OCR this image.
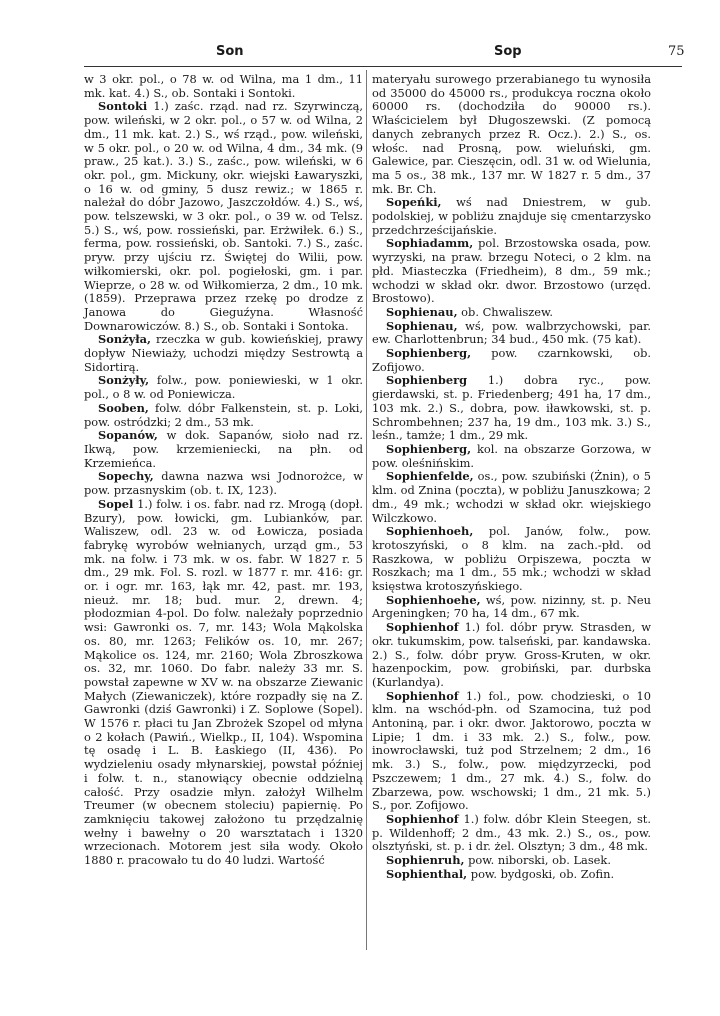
Son	Sop	75

w 3 okr. pol., o 78 w. od Wilna, ma 1 dm., 11 mk. kat. 4.) S., ob. Sontaki i Sontoki.

Sontoki 1.) zaśc. rząd. nad rz. Szyrwinczą, pow. wileński, w 2 okr. pol., o 57 w. od Wilna, 2 dm., 11 mk. kat. 2.) S., wś rząd., pow. wileński, w 5 okr. pol., o 20 w. od Wilna, 4 dm., 34 mk. (9 praw., 25 kat.). 3.) S., zaśc., pow. wileński, w 6 okr. pol., gm. Mickuny, okr. wiejski Ławaryszki, o 16 w. od gminy, 5 dusz rewiz.; w 1865 r. należał do dóbr Jazowo, Jaszczołdów. 4.) S., wś, pow. telszewski, w 3 okr. pol., o 39 w. od Telsz. 5.) S., wś, pow. rossieński, par. Erżwiłek. 6.) S., ferma, pow. rossieński, ob. Santoki. 7.) S., zaśc. pryw. przy ujściu rz. Świętej do Wilii, pow. wiłkomierski, okr. pol. pogiełoski, gm. i par. Wieprze, o 28 w. od Wiłkomierza, 2 dm., 10 mk. (1859). Przeprawa przez rzekę po drodze z Janowa do Gieguźyna. Własność Downarowiczów. 8.) S., ob. Sontaki i Sontoka.

Sonżyła, rzeczka w gub. kowieńskiej, prawy dopływ Niewiaży, uchodzi między Sestrowtą a Sidortirą.

Sonżyły, folw., pow. poniewieski, w 1 okr. pol., o 8 w. od Poniewicza.

Sooben, folw. dóbr Falkenstein, st. p. Loki, pow. ostródzki; 2 dm., 53 mk.

Sopanów, w dok. Sapanów, sioło nad rz. Ikwą, pow. krzemieniecki, na płn. od Krzemieńca.

Sopechy, dawna nazwa wsi Jodnorożce, w pow. przasnyskim (ob. t. IX, 123).

Sopel 1.) folw. i os. fabr. nad rz. Mrogą (dopł. Bzury), pow. łowicki, gm. Lubianków, par. Waliszew, odl. 23 w. od Łowicza, posiada fabrykę wyrobów wełnianych, urząd gm., 53 mk. na folw. i 73 mk. w os. fabr. W 1827 r. 5 dm., 29 mk. Fol. S. rozl. w 1877 r. mr. 416: gr. or. i ogr. mr. 163, łąk mr. 42, past. mr. 193, nieuż. mr. 18; bud. mur. 2, drewn. 4; płodozmian 4-pol. Do folw. należały poprzednio wsi: Gawronki os. 7, mr. 143; Wola Mąkolska os. 80, mr. 1263; Felików os. 10, mr. 267; Mąkolice os. 124, mr. 2160; Wola Zbroszkowa os. 32, mr. 1060. Do fabr. należy 33 mr. S. powstał zapewne w XV w. na obszarze Ziewanic Małych (Ziewaniczek), które rozpadły się na Z. Gawronki (dziś Gawronki) i Z. Soplowe (Sopel). W 1576 r. płaci tu Jan Zbrożek Szopel od młyna o 2 kołach (Pawiń., Wielkp., II, 104). Wspomina tę osadę i L. B. Łaskiego (II, 436). Po wydzieleniu osady młynarskiej, powstał później i folw. t. n., stanowiący obecnie oddzielną całość. Przy osadzie młyn. założył Wilhelm Treumer (w obecnem stoleciu) papiernię. Po zamknięciu takowej założono tu przędzalnię wełny i bawełny o 20 warsztatach i 1320 wrzecionach. Motorem jest siła wody. Około 1880 r. pracowało tu do 40 ludzi. Wartość

materyału surowego przerabianego tu wynosiła od 35000 do 45000 rs., produkcya roczna około 60000 rs. (dochodziła do 90000 rs.). Właścicielem był Długoszewski. (Z pomocą danych zebranych przez R. Ocz.). 2.) S., os. włośc. nad Prosną, pow. wieluński, gm. Galewice, par. Cieszęcin, odl. 31 w. od Wielunia, ma 5 os., 38 mk., 137 mr. W 1827 r. 5 dm., 37 mk. Br. Ch.

Sopeńki, wś nad Dniestrem, w gub. podolskiej, w pobliżu znajduje się cmentarzysko przedchrześcijańskie.

Sophiadamm, pol. Brzostowska osada, pow. wyrzyski, na praw. brzegu Noteci, o 2 klm. na płd. Miasteczka (Friedheim), 8 dm., 59 mk.; wchodzi w skład okr. dwor. Brzostowo (urzęd. Brostowo).

Sophienau, ob. Chwaliszew.

Sophienau, wś, pow. walbrzychowski, par. ew. Charlottenbrun; 34 bud., 450 mk. (75 kat).

Sophienberg, pow. czarnkowski, ob. Zofijowo.

Sophienberg 1.) dobra ryc., pow. gierdawski, st. p. Friedenberg; 491 ha, 17 dm., 103 mk. 2.) S., dobra, pow. iławkowski, st. p. Schrombehnen; 237 ha, 19 dm., 103 mk. 3.) S., leśn., tamże; 1 dm., 29 mk.

Sophienberg, kol. na obszarze Gorzowa, w pow. oleśnińskim.

Sophienfelde, os., pow. szubiński (Żnin), o 5 klm. od Znina (poczta), w pobliżu Januszkowa; 2 dm., 49 mk.; wchodzi w skład okr. wiejskiego Wilczkowo.

Sophienhoeh, pol. Janów, folw., pow. krotoszyński, o 8 klm. na zach.-płd. od Raszkowa, w pobliżu Orpiszewa, poczta w Roszkach; ma 1 dm., 55 mk.; wchodzi w skład księstwa krotoszyńskiego.

Sophienhoehe, wś, pow. nizinny, st. p. Neu Argeningken; 70 ha, 14 dm., 67 mk.

Sophienhof 1.) fol. dóbr pryw. Strasden, w okr. tukumskim, pow. talseński, par. kandawska. 2.) S., folw. dóbr pryw. Gross-Kruten, w okr. hazenpockim, pow. grobiński, par. durbska (Kurlandya).

Sophienhof 1.) fol., pow. chodzieski, o 10 klm. na wschód-płn. od Szamocina, tuż pod Antoniną, par. i okr. dwor. Jaktorowo, poczta w Lipie; 1 dm. i 33 mk. 2.) S., folw., pow. inowrocławski, tuż pod Strzelnem; 2 dm., 16 mk. 3.) S., folw., pow. międzyrzecki, pod Pszczewem; 1 dm., 27 mk. 4.) S., folw. do Zbarzewa, pow. wschowski; 1 dm., 21 mk. 5.) S., por. Zofijowo.

Sophienhof 1.) folw. dóbr Klein Steegen, st. p. Wildenhoff; 2 dm., 43 mk. 2.) S., os., pow. olsztyński, st. p. i dr. żel. Olsztyn; 3 dm., 48 mk.

Sophienruh, pow. niborski, ob. Lasek.

Sophienthal, pow. bydgoski, ob. Zofin.
